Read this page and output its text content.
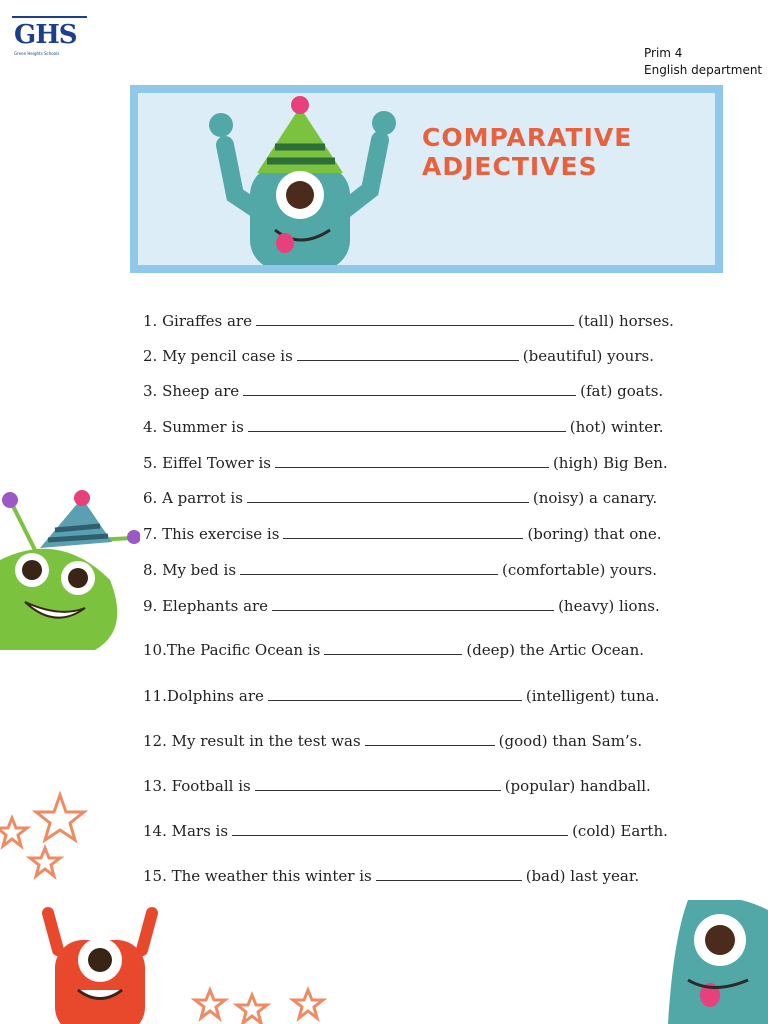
GHS
Green Heights Schools	Prim 4
English department
COMPARATIVE
ADJECTIVES
1. Giraffes are	(tall) horses.
2. My pencil case is	(beautiful) yours.
3. Sheep are	(fat) goats.
4. Summer is	(hot) winter.
5. Eiffel Tower is	(high) Big Ben.
6. A parrot is	(noisy) a canary.
7. This exercise is	(boring) that one.
8. My bed is	(comfortable) yours.
9. Elephants are	(heavy) lions.
10.The Pacific Ocean is	(deep) the Artic Ocean.
11.Dolphins are	(intelligent) tuna.
12. My result in the test was	(good) than Sam’s.
13. Football is	(popular) handball.
14. Mars is	(cold) Earth.
15. The weather this winter is	(bad) last year.
